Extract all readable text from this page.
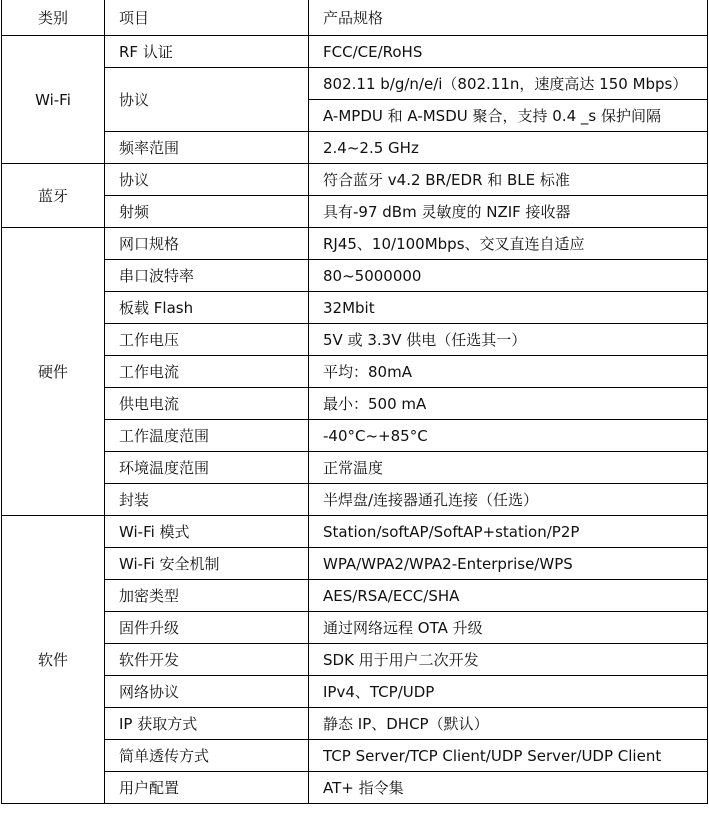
类别	项目	产品规格
Wi-Fi	RF 认证	FCC/CE/RoHS
	协议	802.11 b/g/n/e/i（802.11n，速度高达 150 Mbps）
		A-MPDU 和 A-MSDU 聚合，支持 0.4 _s 保护间隔
	频率范围	2.4~2.5 GHz
蓝牙	协议	符合蓝牙 v4.2 BR/EDR 和 BLE 标准
	射频	具有-97 dBm 灵敏度的 NZIF 接收器
硬件	网口规格	RJ45、10/100Mbps、交叉直连自适应
	串口波特率	80~5000000
	板载 Flash	32Mbit
	工作电压	5V 或 3.3V 供电（任选其一）
	工作电流	平均：80mA
	供电电流	最小：500 mA
	工作温度范围	-40°C~+85°C
	环境温度范围	正常温度
	封装	半焊盘/连接器通孔连接（任选）
软件	Wi-Fi 模式	Station/softAP/SoftAP+station/P2P
	Wi-Fi 安全机制	WPA/WPA2/WPA2-Enterprise/WPS
	加密类型	AES/RSA/ECC/SHA
	固件升级	通过网络远程 OTA 升级
	软件开发	SDK 用于用户二次开发
	网络协议	IPv4、TCP/UDP
	IP 获取方式	静态 IP、DHCP（默认）
	简单透传方式	TCP Server/TCP Client/UDP Server/UDP Client
	用户配置	AT+ 指令集
